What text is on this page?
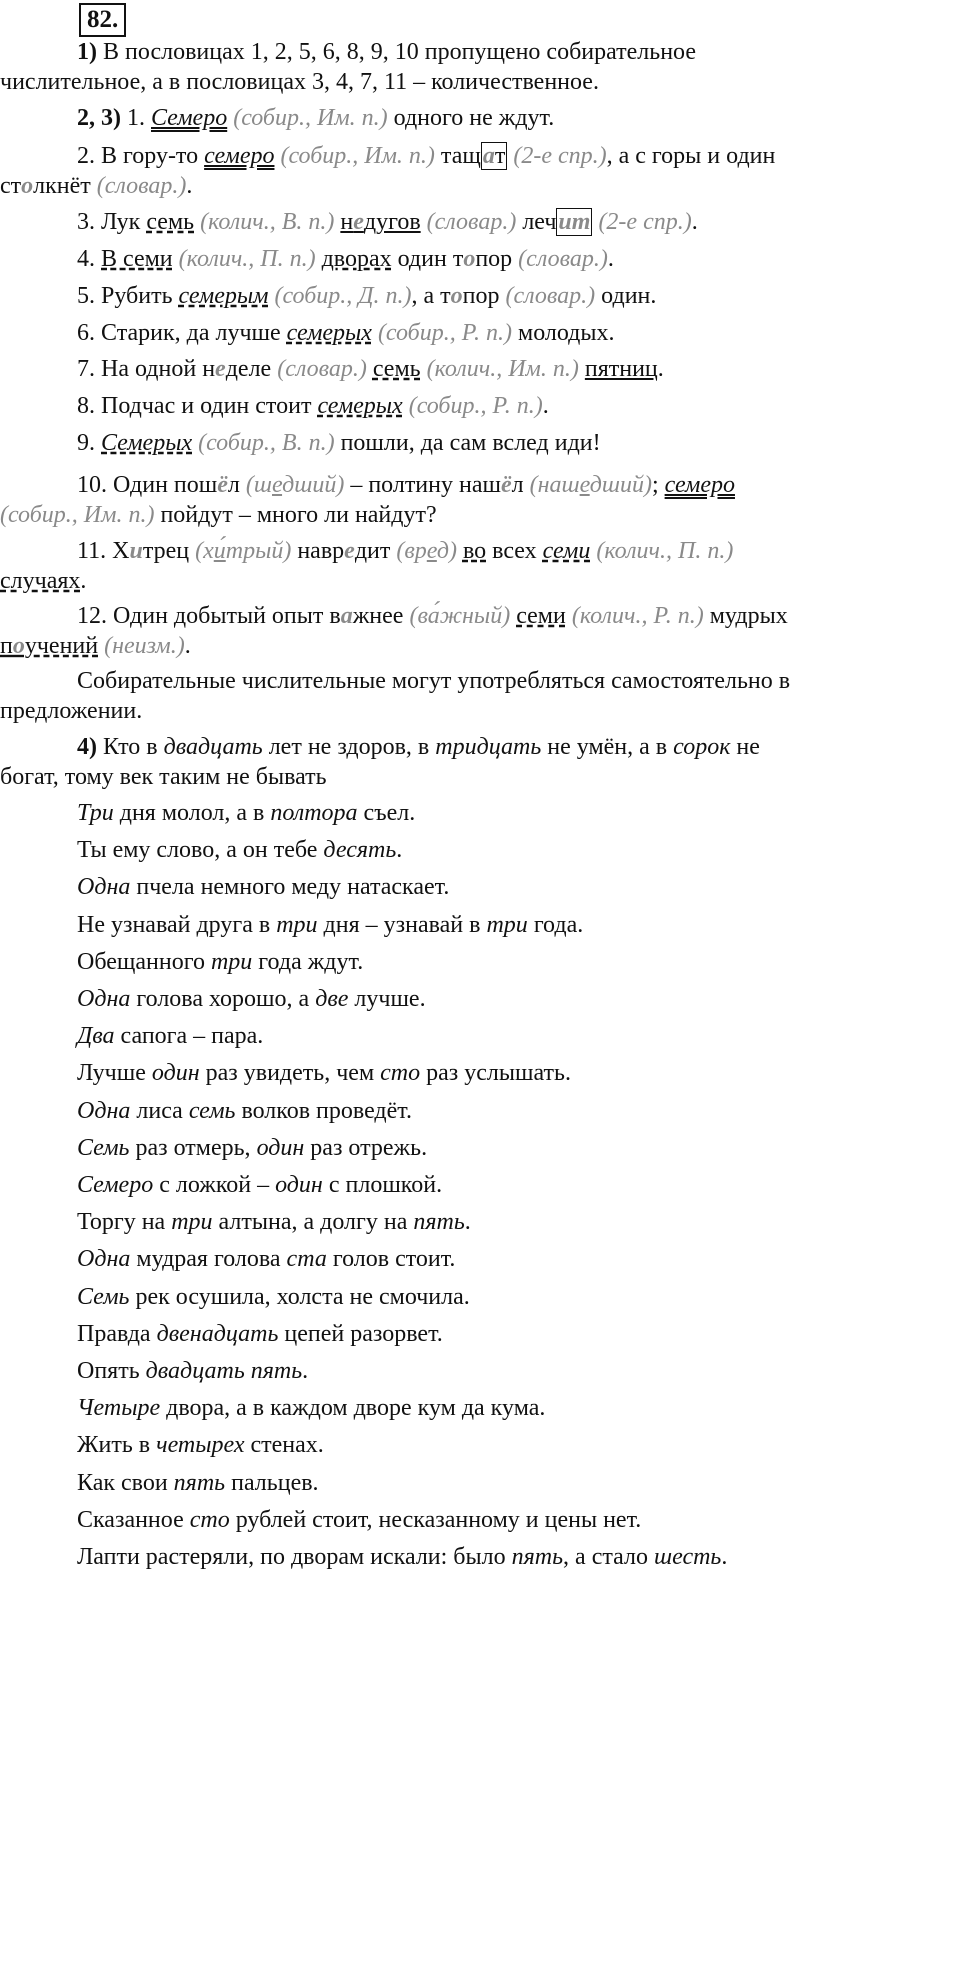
82.
1) В пословицах 1, 2, 5, 6, 8, 9, 10 пропущено собирательное
числительное, а в пословицах 3, 4, 7, 11 – количественное.
2, 3) 1. Семеро (собир., Им. п.) одного не ждут.
2. В гору-то семеро (собир., Им. п.) тащат (2-е спр.), а с горы и один
столкнёт (словар.).
3. Лук семь (колич., В. п.) недугов (словар.) лечит (2-е спр.).
4. В семи (колич., П. п.) дворах один топор (словар.).
5. Рубить семерым (собир., Д. п.), а топор (словар.) один.
6. Старик, да лучше семерых (собир., Р. п.) молодых.
7. На одной неделе (словар.) семь (колич., Им. п.) пятниц.
8. Подчас и один стоит семерых (собир., Р. п.).
9. Семерых (собир., В. п.) пошли, да сам вслед иди!
10. Один пошёл (шедший) – полтину нашёл (нашедший); семеро
(собир., Им. п.) пойдут – много ли найдут?
11. Хитрец (хи́трый) навредит (вред) во всех семи (колич., П. п.)
случаях.
12. Один добытый опыт важнее (ва́жный) семи (колич., Р. п.) мудрых
поучений (неизм.).
Собирательные числительные могут употребляться самостоятельно в
предложении.
4) Кто в двадцать лет не здоров, в тридцать не умён, а в сорок не
богат, тому век таким не бывать
Три дня молол, а в полтора съел.
Ты ему слово, а он тебе десять.
Одна пчела немного меду натаскает.
Не узнавай друга в три дня – узнавай в три года.
Обещанного три года ждут.
Одна голова хорошо, а две лучше.
Два сапога – пара.
Лучше один раз увидеть, чем сто раз услышать.
Одна лиса семь волков проведёт.
Семь раз отмерь, один раз отрежь.
Семеро с ложкой – один с плошкой.
Торгу на три алтына, а долгу на пять.
Одна мудрая голова ста голов стоит.
Семь рек осушила, холста не смочила.
Правда двенадцать цепей разорвет.
Опять двадцать пять.
Четыре двора, а в каждом дворе кум да кума.
Жить в четырех стенах.
Как свои пять пальцев.
Сказанное сто рублей стоит, несказанному и цены нет.
Лапти растеряли, по дворам искали: было пять, а стало шесть.
